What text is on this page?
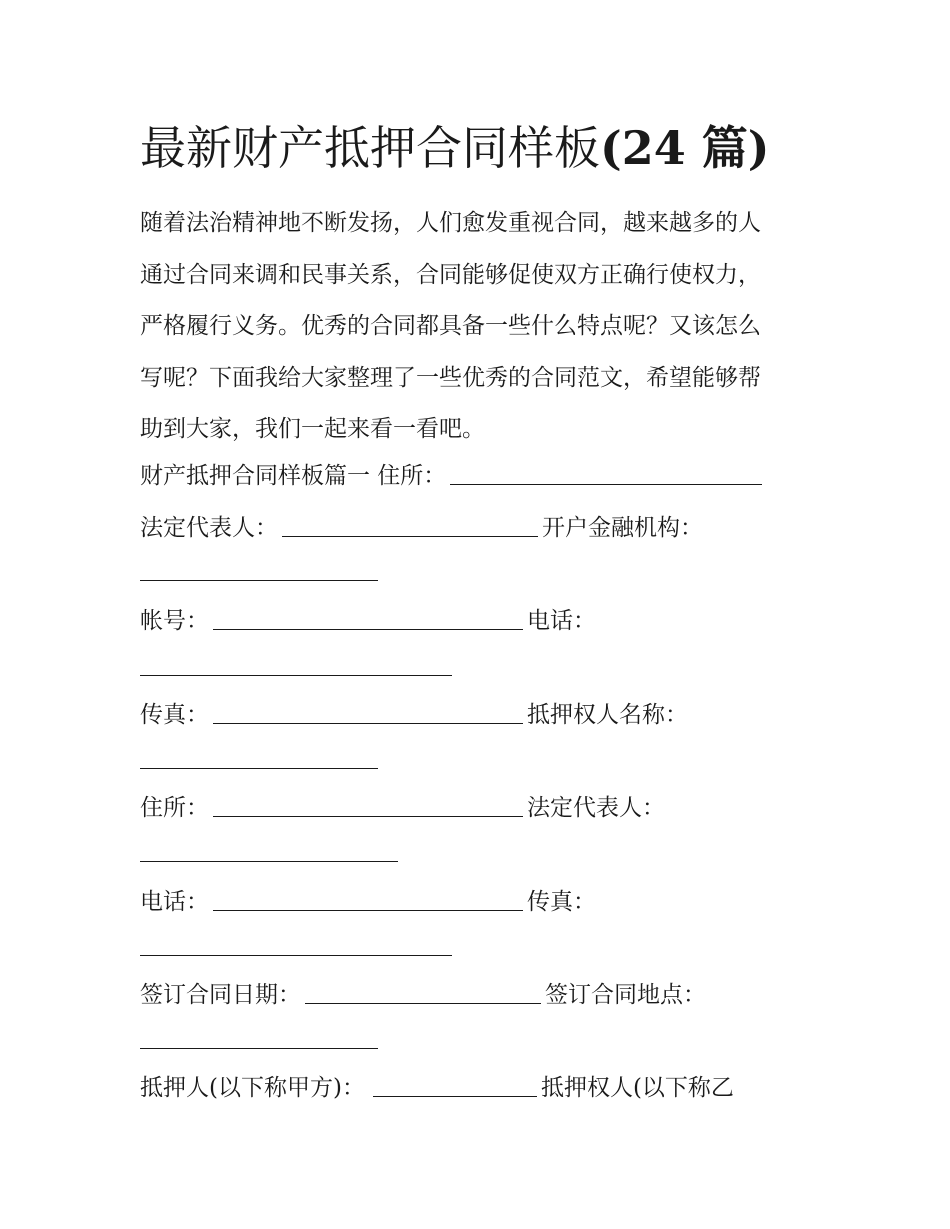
最新财产抵押合同样板(24 篇)

随着法治精神地不断发扬，人们愈发重视合同，越来越多的人
通过合同来调和民事关系，合同能够促使双方正确行使权力，
严格履行义务。优秀的合同都具备一些什么特点呢？又该怎么
写呢？下面我给大家整理了一些优秀的合同范文，希望能够帮
助到大家，我们一起来看一看吧。

财产抵押合同样板篇一 住所：

法定代表人：	开户金融机构：

帐号：	电话：

传真：	抵押权人名称：

住所：	法定代表人：

电话：	传真：

签订合同日期：	签订合同地点：

抵押人(以下称甲方)：	抵押权人(以下称乙
